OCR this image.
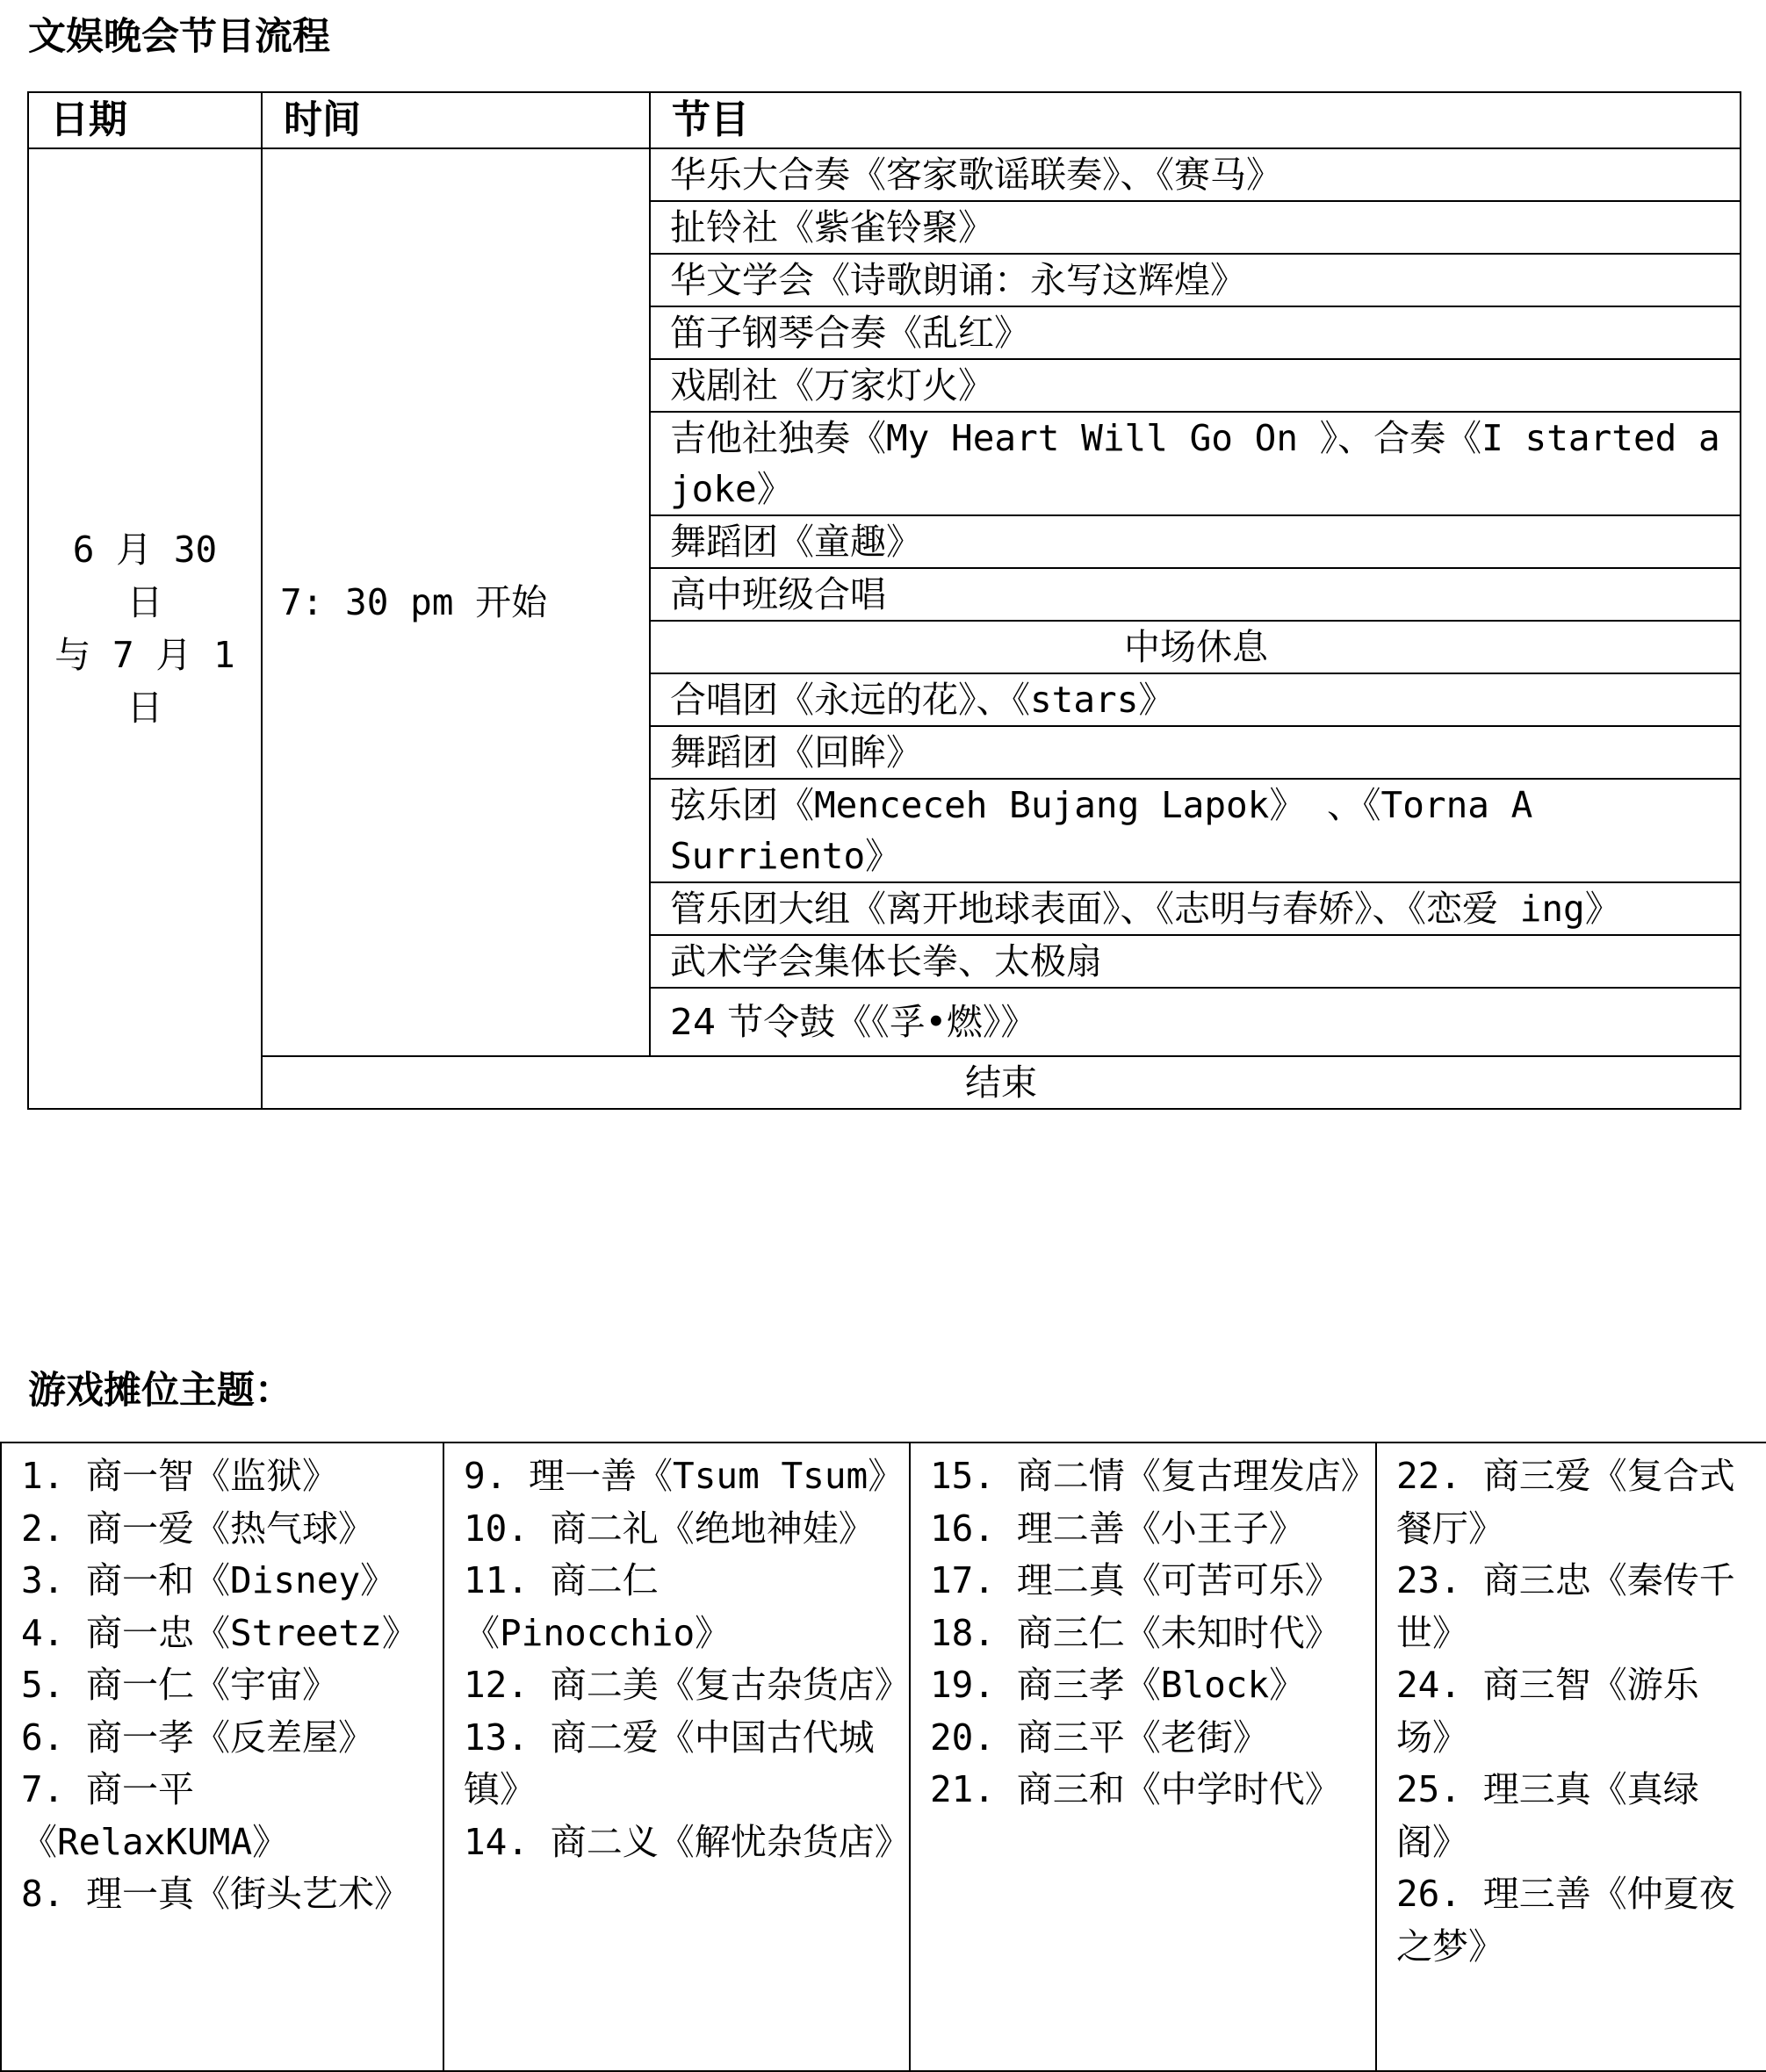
文娱晚会节目流程
日期	时间	节目
6 月 30 日
与 7 月 1
日	7: 30 pm 开始	华乐大合奏《客家歌谣联奏》、《赛马》
		扯铃社《紫雀铃聚》
		华文学会《诗歌朗诵：永写这辉煌》
		笛子钢琴合奏《乱红》
		戏剧社《万家灯火》
		吉他社独奏《My Heart Will Go On 》、合奏《I started a joke》
		舞蹈团《童趣》
		高中班级合唱
		中场休息
		合唱团《永远的花》、《stars》
		舞蹈团《回眸》
		弦乐团《Menceceh Bujang Lapok》 、《Torna A Surriento》
		管乐团大组《离开地球表面》、《志明与春娇》、《恋爱 ing》
		武术学会集体长拳、太极扇
		24 节令鼓《《孚•燃》》
	结束	
游戏摊位主题：
1. 商一智《监狱》
2. 商一爱《热气球》
3. 商一和《Disney》
4. 商一忠《Streetz》
5. 商一仁《宇宙》
6. 商一孝《反差屋》
7. 商一平《RelaxKUMA》
8. 理一真《街头艺术》

9. 理一善《Tsum Tsum》
10. 商二礼《绝地神娃》
11. 商二仁《Pinocchio》
12. 商二美《复古杂货店》
13. 商二爱《中国古代城镇》
14. 商二义《解忧杂货店》

15. 商二情《复古理发店》
16. 理二善《小王子》
17. 理二真《可苦可乐》
18. 商三仁《未知时代》
19. 商三孝《Block》
20. 商三平《老街》
21. 商三和《中学时代》

22. 商三爱《复合式餐厅》
23. 商三忠《秦传千世》
24. 商三智《游乐场》
25. 理三真《真绿阁》
26. 理三善《仲夏夜之梦》
